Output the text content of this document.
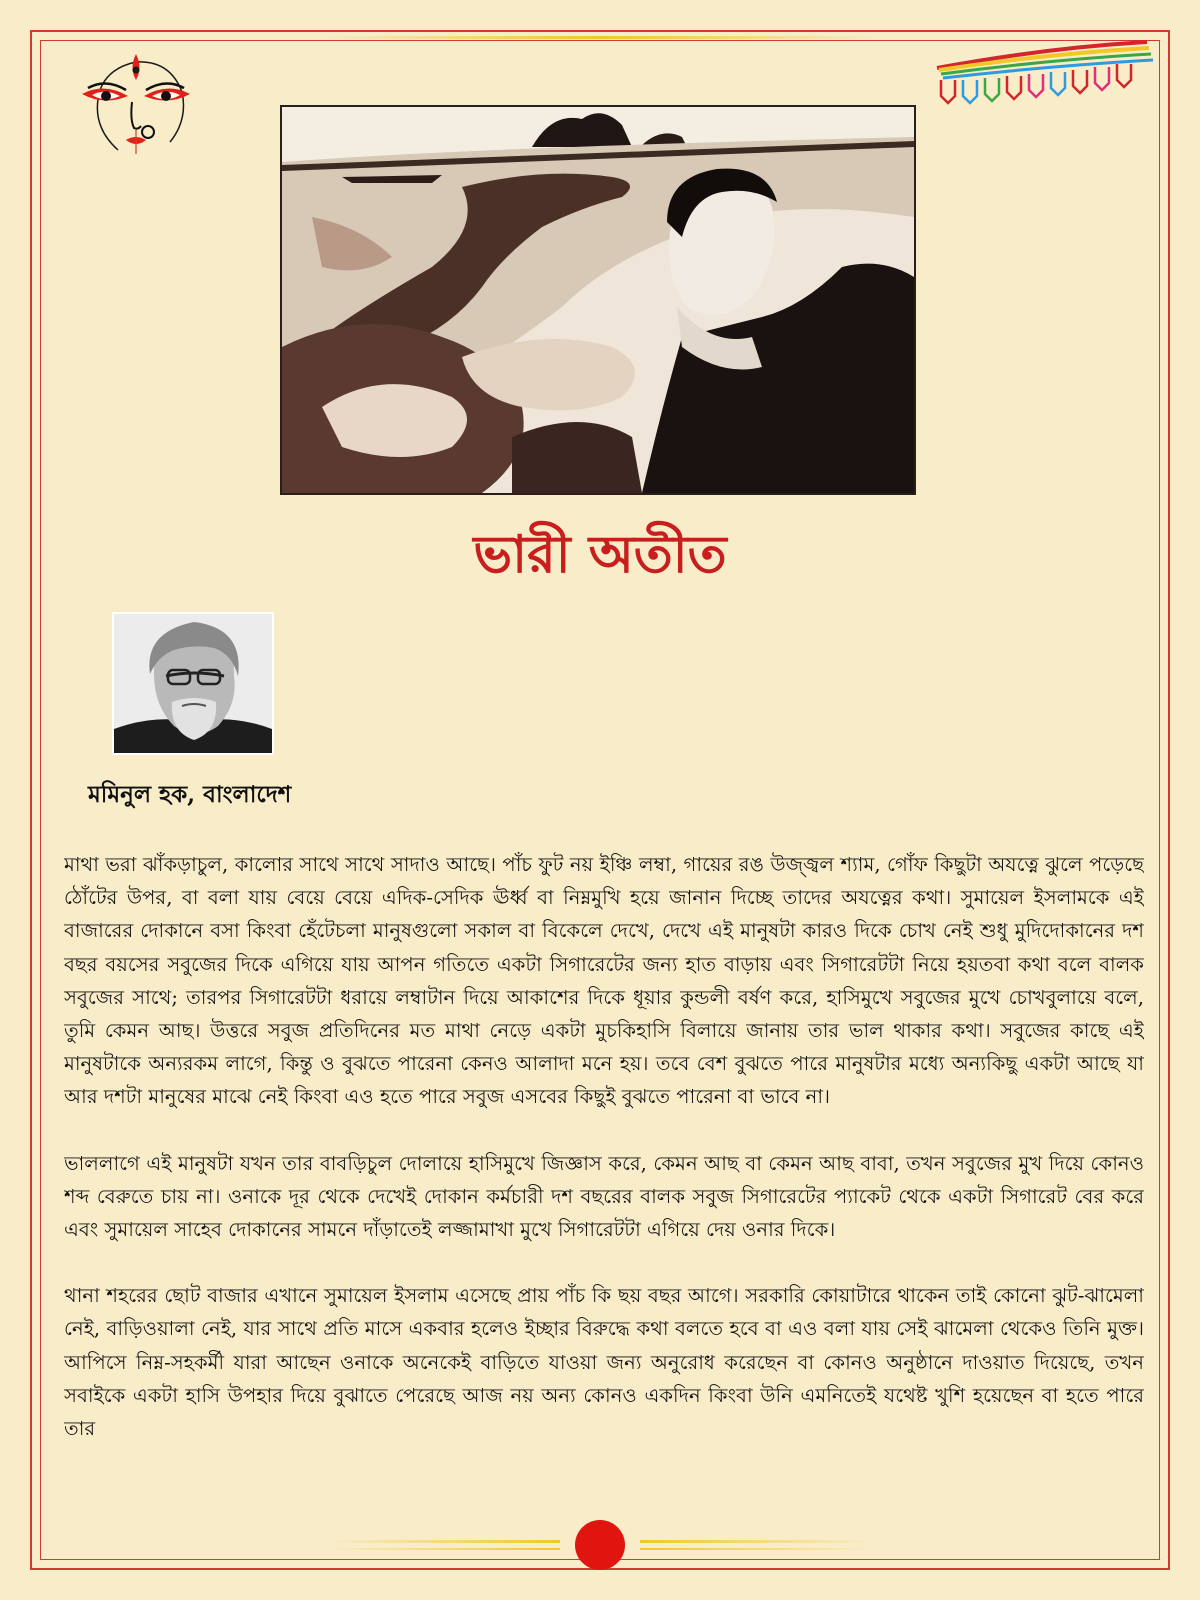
ভারী অতীত
মমিনুল হক, বাংলাদেশ

মাথা ভরা ঝাঁকড়াচুল, কালোর সাথে সাথে সাদাও আছে। পাঁচ ফুট নয় ইঞ্চি লম্বা, গায়ের রঙ উজ্জ্বল শ্যাম, গোঁফ কিছুটা অযত্নে ঝুলে পড়েছে ঠোঁটের উপর, বা বলা যায় বেয়ে বেয়ে এদিক-সেদিক ঊর্ধ্ব বা নিম্নমুখি হয়ে জানান দিচ্ছে তাদের অযত্নের কথা। সুমায়েল ইসলামকে এই বাজারের দোকানে বসা কিংবা হেঁটেচলা মানুষগুলো সকাল বা বিকেলে দেখে, দেখে এই মানুষটা কারও দিকে চোখ নেই শুধু মুদিদোকানের দশ বছর বয়সের সবুজের দিকে এগিয়ে যায় আপন গতিতে একটা সিগারেটের জন্য হাত বাড়ায় এবং সিগারেটটা নিয়ে হয়তবা কথা বলে বালক সবুজের সাথে; তারপর সিগারেটটা ধরায়ে লম্বাটান দিয়ে আকাশের দিকে ধূয়ার কুন্ডলী বর্ষণ করে, হাসিমুখে সবুজের মুখে চোখবুলায়ে বলে, তুমি কেমন আছ। উত্তরে সবুজ প্রতিদিনের মত মাথা নেড়ে একটা মুচকিহাসি বিলায়ে জানায় তার ভাল থাকার কথা। সবুজের কাছে এই মানুষটাকে অন্যরকম লাগে, কিন্তু ও বুঝতে পারেনা কেনও আলাদা মনে হয়। তবে বেশ বুঝতে পারে মানুষটার মধ্যে অন্যকিছু একটা আছে যা আর দশটা মানুষের মাঝে নেই কিংবা এও হতে পারে সবুজ এসবের কিছুই বুঝতে পারেনা বা ভাবে না।

ভাললাগে এই মানুষটা যখন তার বাবড়িচুল দোলায়ে হাসিমুখে জিজ্ঞাস করে, কেমন আছ বা কেমন আছ বাবা, তখন সবুজের মুখ দিয়ে কোনও শব্দ বেরুতে চায় না। ওনাকে দূর থেকে দেখেই দোকান কর্মচারী দশ বছরের বালক সবুজ সিগারেটের প্যাকেট থেকে একটা সিগারেট বের করে এবং সুমায়েল সাহেব দোকানের সামনে দাঁড়াতেই লজ্জামাখা মুখে সিগারেটটা এগিয়ে দেয় ওনার দিকে।

থানা শহরের ছোট বাজার এখানে সুমায়েল ইসলাম এসেছে প্রায় পাঁচ কি ছয় বছর আগে। সরকারি কোয়াটারে থাকেন তাই কোনো ঝুট-ঝামেলা নেই, বাড়িওয়ালা নেই, যার সাথে প্রতি মাসে একবার হলেও ইচ্ছার বিরুদ্ধে কথা বলতে হবে বা এও বলা যায় সেই ঝামেলা থেকেও তিনি মুক্ত। আপিসে নিম্ন-সহকর্মী যারা আছেন ওনাকে অনেকেই বাড়িতে যাওয়া জন্য অনুরোধ করেছেন বা কোনও অনুষ্ঠানে দাওয়াত দিয়েছে, তখন সবাইকে একটা হাসি উপহার দিয়ে বুঝাতে পেরেছে আজ নয় অন্য কোনও একদিন কিংবা উনি এমনিতেই যথেষ্ট খুশি হয়েছেন বা হতে পারে তার
